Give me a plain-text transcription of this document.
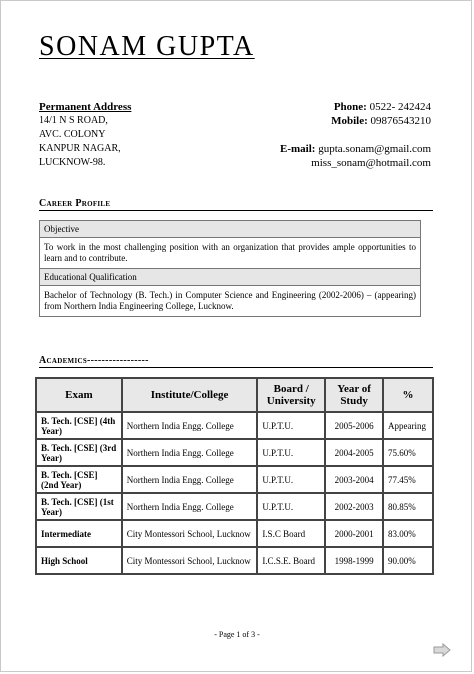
SONAM GUPTA
Permanent Address
14/1 N S ROAD,
AVC. COLONY
KANPUR NAGAR,
LUCKNOW-98.
Phone: 0522- 242424
Mobile: 09876543210
E-mail: gupta.sonam@gmail.com
miss_sonam@hotmail.com
Career Profile
Objective
To work in the most challenging position with an organization that provides ample opportunities to learn and to contribute.
Educational Qualification
Bachelor of Technology (B. Tech.) in Computer Science and Engineering (2002-2006) – (appearing) from Northern India Engineering College, Lucknow.
Academics-----------------
Exam	Institute/College	Board / University	Year of Study	%
B. Tech. [CSE] (4th Year)	Northern India Engg. College	U.P.T.U.	2005-2006	Appearing
B. Tech. [CSE] (3rd Year)	Northern India Engg. College	U.P.T.U.	2004-2005	75.60%
B. Tech. [CSE] (2nd Year)	Northern India Engg. College	U.P.T.U.	2003-2004	77.45%
B. Tech. [CSE] (1st Year)	Northern India Engg. College	U.P.T.U.	2002-2003	80.85%
Intermediate	City Montessori School, Lucknow	I.S.C Board	2000-2001	83.00%
High School	City Montessori School, Lucknow	I.C.S.E. Board	1998-1999	90.00%
- Page 1 of 3 -
